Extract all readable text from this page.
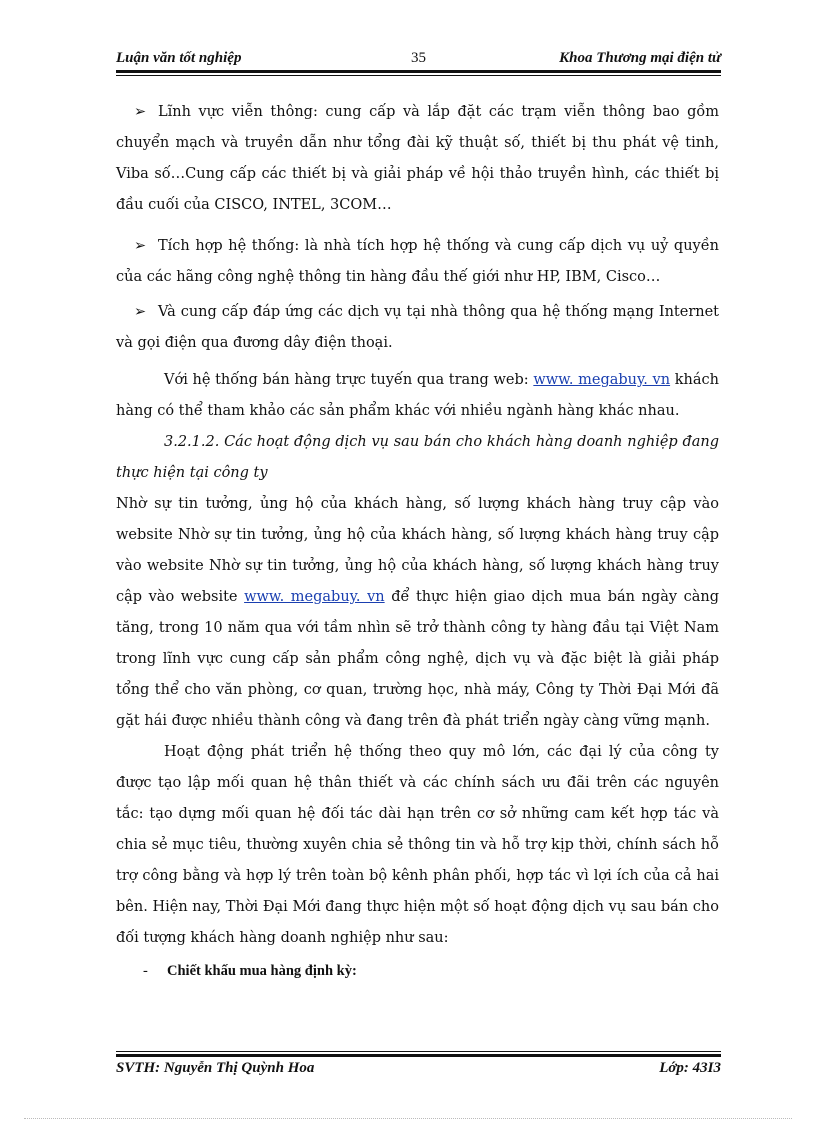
Luận văn tốt nghiệp	35	Khoa Thương mại điện tử

➢ Lĩnh vực viễn thông: cung cấp và lắp đặt các trạm viễn thông bao gồm chuyển mạch và truyền dẫn như tổng đài kỹ thuật số, thiết bị thu phát vệ tinh, Viba số…Cung cấp các thiết bị và giải pháp về hội thảo truyền hình, các thiết bị đầu cuối của CISCO, INTEL, 3COM…

➢ Tích hợp hệ thống: là nhà tích hợp hệ thống và cung cấp dịch vụ uỷ quyền của các hãng công nghệ thông tin hàng đầu thế giới như HP, IBM, Cisco…

➢ Và cung cấp đáp ứng các dịch vụ tại nhà thông qua hệ thống mạng Internet và gọi điện qua đương dây điện thoại.

Với hệ thống bán hàng trực tuyến qua trang web: www. megabuy. vn khách hàng có thể tham khảo các sản phẩm khác với nhiều ngành hàng khác nhau.

3.2.1.2. Các hoạt động dịch vụ sau bán cho khách hàng doanh nghiệp đang thực hiện tại công ty

Nhờ sự tin tưởng, ủng hộ của khách hàng, số lượng khách hàng truy cập vào website Nhờ sự tin tưởng, ủng hộ của khách hàng, số lượng khách hàng truy cập vào website Nhờ sự tin tưởng, ủng hộ của khách hàng, số lượng khách hàng truy cập vào website www. megabuy. vn để thực hiện giao dịch mua bán ngày càng tăng, trong 10 năm qua với tầm nhìn sẽ trở thành công ty hàng đầu tại Việt Nam trong lĩnh vực cung cấp sản phẩm công nghệ, dịch vụ và đặc biệt là giải pháp tổng thể cho văn phòng, cơ quan, trường học, nhà máy, Công ty Thời Đại Mới đã gặt hái được nhiều thành công và đang trên đà phát triển ngày càng vững mạnh.

Hoạt động phát triển hệ thống theo quy mô lớn, các đại lý của công ty được tạo lập mối quan hệ thân thiết và các chính sách ưu đãi trên các nguyên tắc: tạo dựng mối quan hệ đối tác dài hạn trên cơ sở những cam kết hợp tác và chia sẻ mục tiêu, thường xuyên chia sẻ thông tin và hỗ trợ kịp thời, chính sách hỗ trợ công bằng và hợp lý trên toàn bộ kênh phân phối, hợp tác vì lợi ích của cả hai bên. Hiện nay, Thời Đại Mới đang thực hiện một số hoạt động dịch vụ sau bán cho đối tượng khách hàng doanh nghiệp như sau:

- Chiết khấu mua hàng định kỳ:
SVTH: Nguyễn Thị Quỳnh Hoa	Lớp: 43I3
